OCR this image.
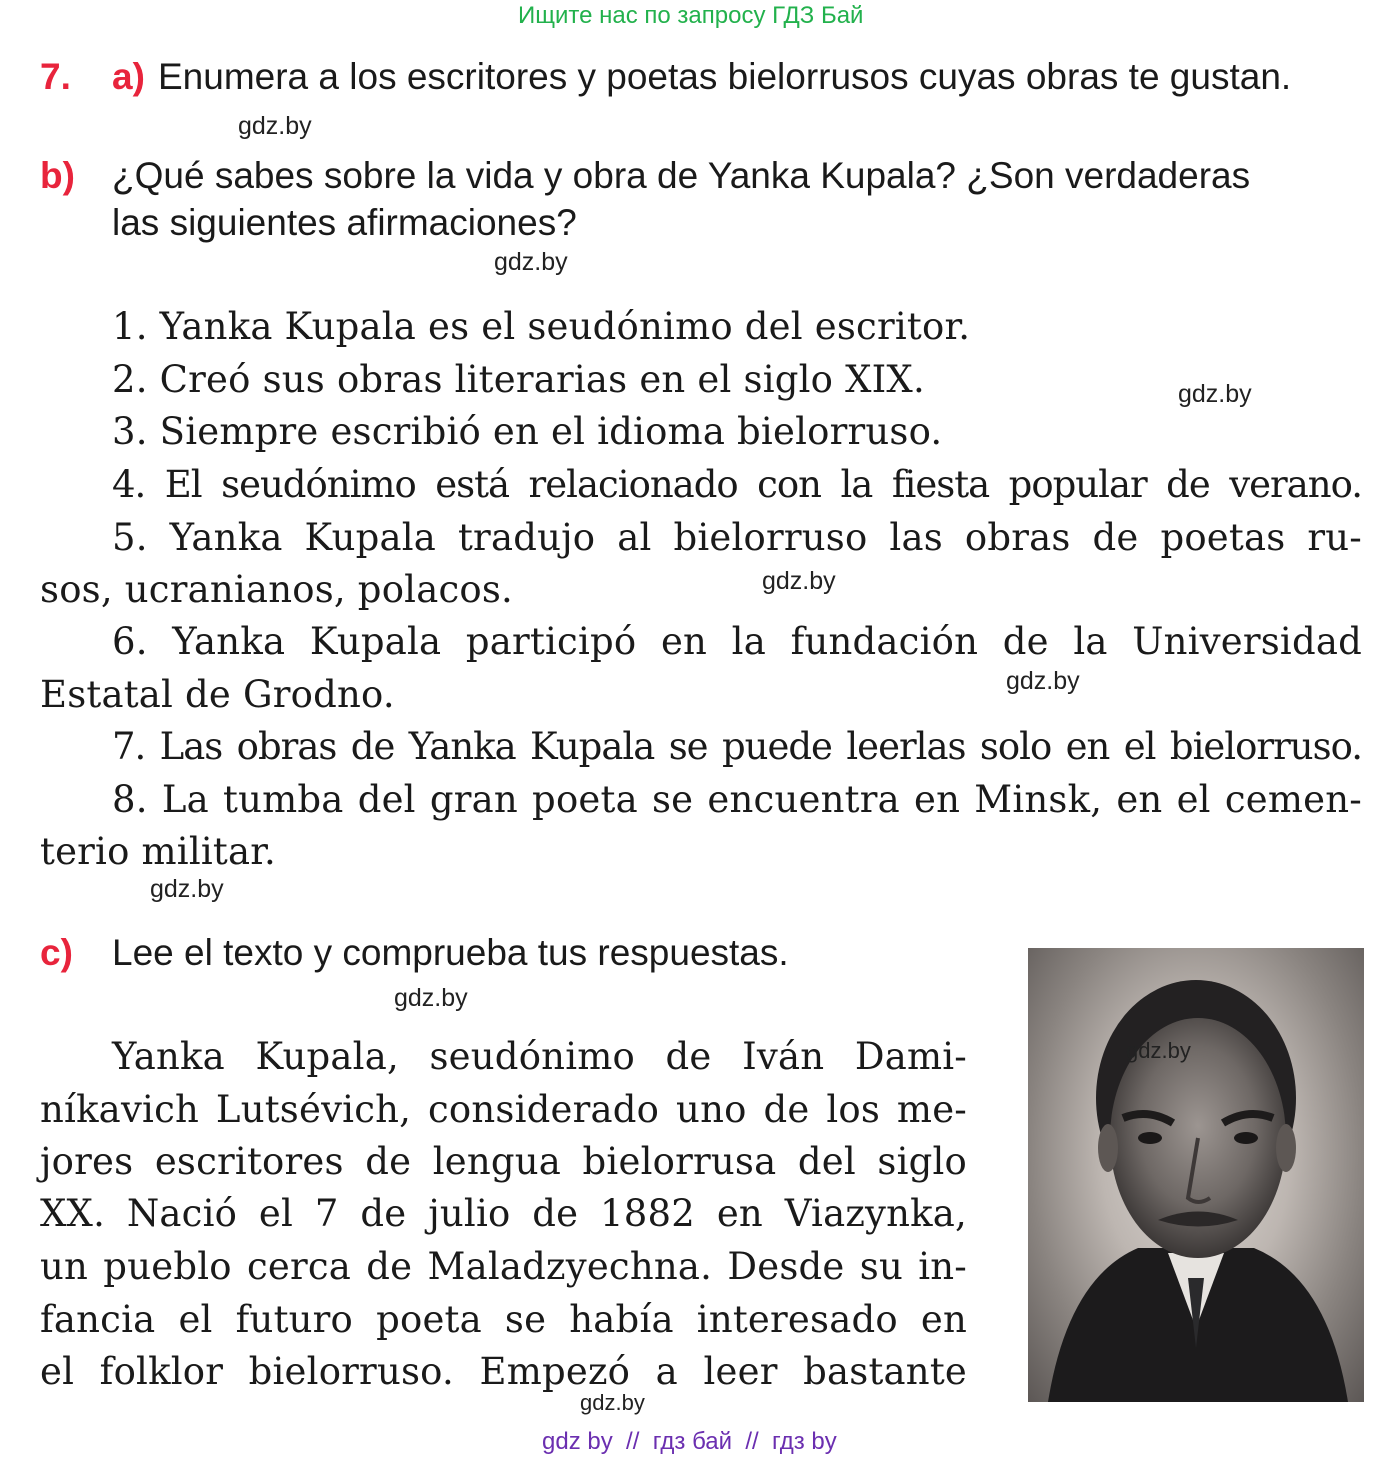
Ищите нас по запросу ГДЗ Бай
7. a) Enumera a los escritores y poetas bielorrusos cuyas obras te gustan.
gdz.by
b) ¿Qué sabes sobre la vida y obra de Yanka Kupala? ¿Son verdaderas
las siguientes afirmaciones?
gdz.by
1. Yanka Kupala es el seudónimo del escritor.
2. Creó sus obras literarias en el siglo XIX.	gdz.by
3. Siempre escribió en el idioma bielorruso.
4. El seudónimo está relacionado con la fiesta popular de verano.
5. Yanka Kupala tradujo al bielorruso las obras de poetas ru-
sos, ucranianos, polacos.	gdz.by
6. Yanka Kupala participó en la fundación de la Universidad
Estatal de Grodno.	gdz.by
7. Las obras de Yanka Kupala se puede leerlas solo en el bielorruso.
8. La tumba del gran poeta se encuentra en Minsk, en el cemen-
terio militar.
gdz.by
c) Lee el texto y comprueba tus respuestas.
gdz.by
Yanka Kupala, seudónimo de Iván Dami-
níkavich Lutsévich, considerado uno de los me-
jores escritores de lengua bielorrusa del siglo
XX. Nació el 7 de julio de 1882 en Viazynka,
un pueblo cerca de Maladzyechna. Desde su in-
fancia el futuro poeta se había interesado en
el folklor bielorruso. Empezó a leer bastante
gdz.by
gdz.by
gdz by  //  гдз бай  //  гдз by
